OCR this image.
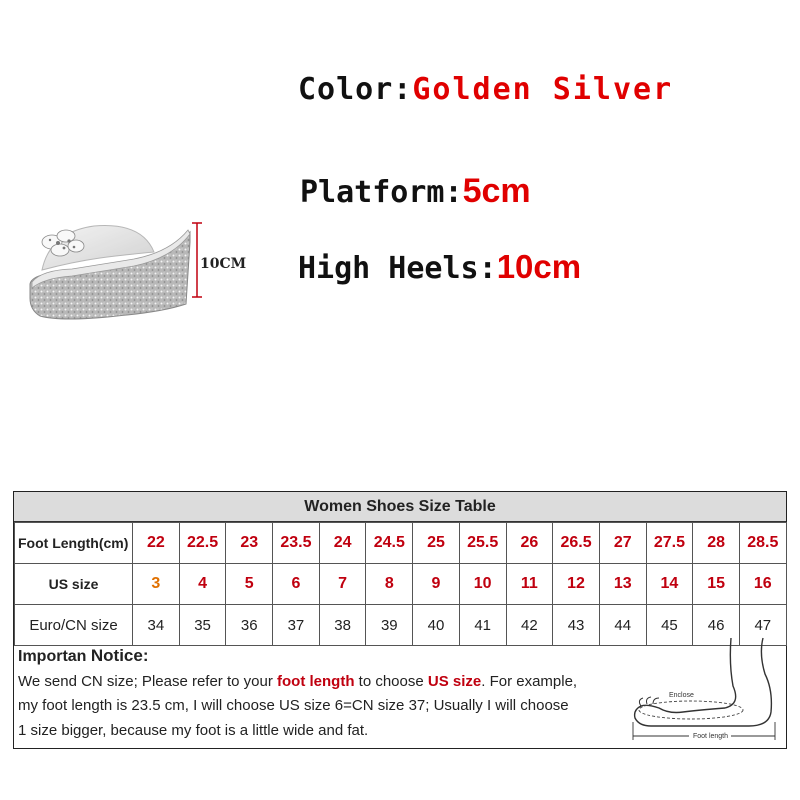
Color:Golden Silver
Platform:5cm
High Heels:10cm
10CM
Women Shoes Size Table
Foot Length(cm)	22	22.5	23	23.5	24	24.5	25	25.5	26	26.5	27	27.5	28	28.5
US size	3	4	5	6	7	8	9	10	11	12	13	14	15	16
Euro/CN size	34	35	36	37	38	39	40	41	42	43	44	45	46	47
Importan Notice:
We send CN size; Please refer to your foot length to choose US size. For example,
my foot length is 23.5 cm, I will choose US size 6=CN size 37; Usually I will choose
1 size bigger, because my foot is a little wide and fat.
Enclose
Foot length
